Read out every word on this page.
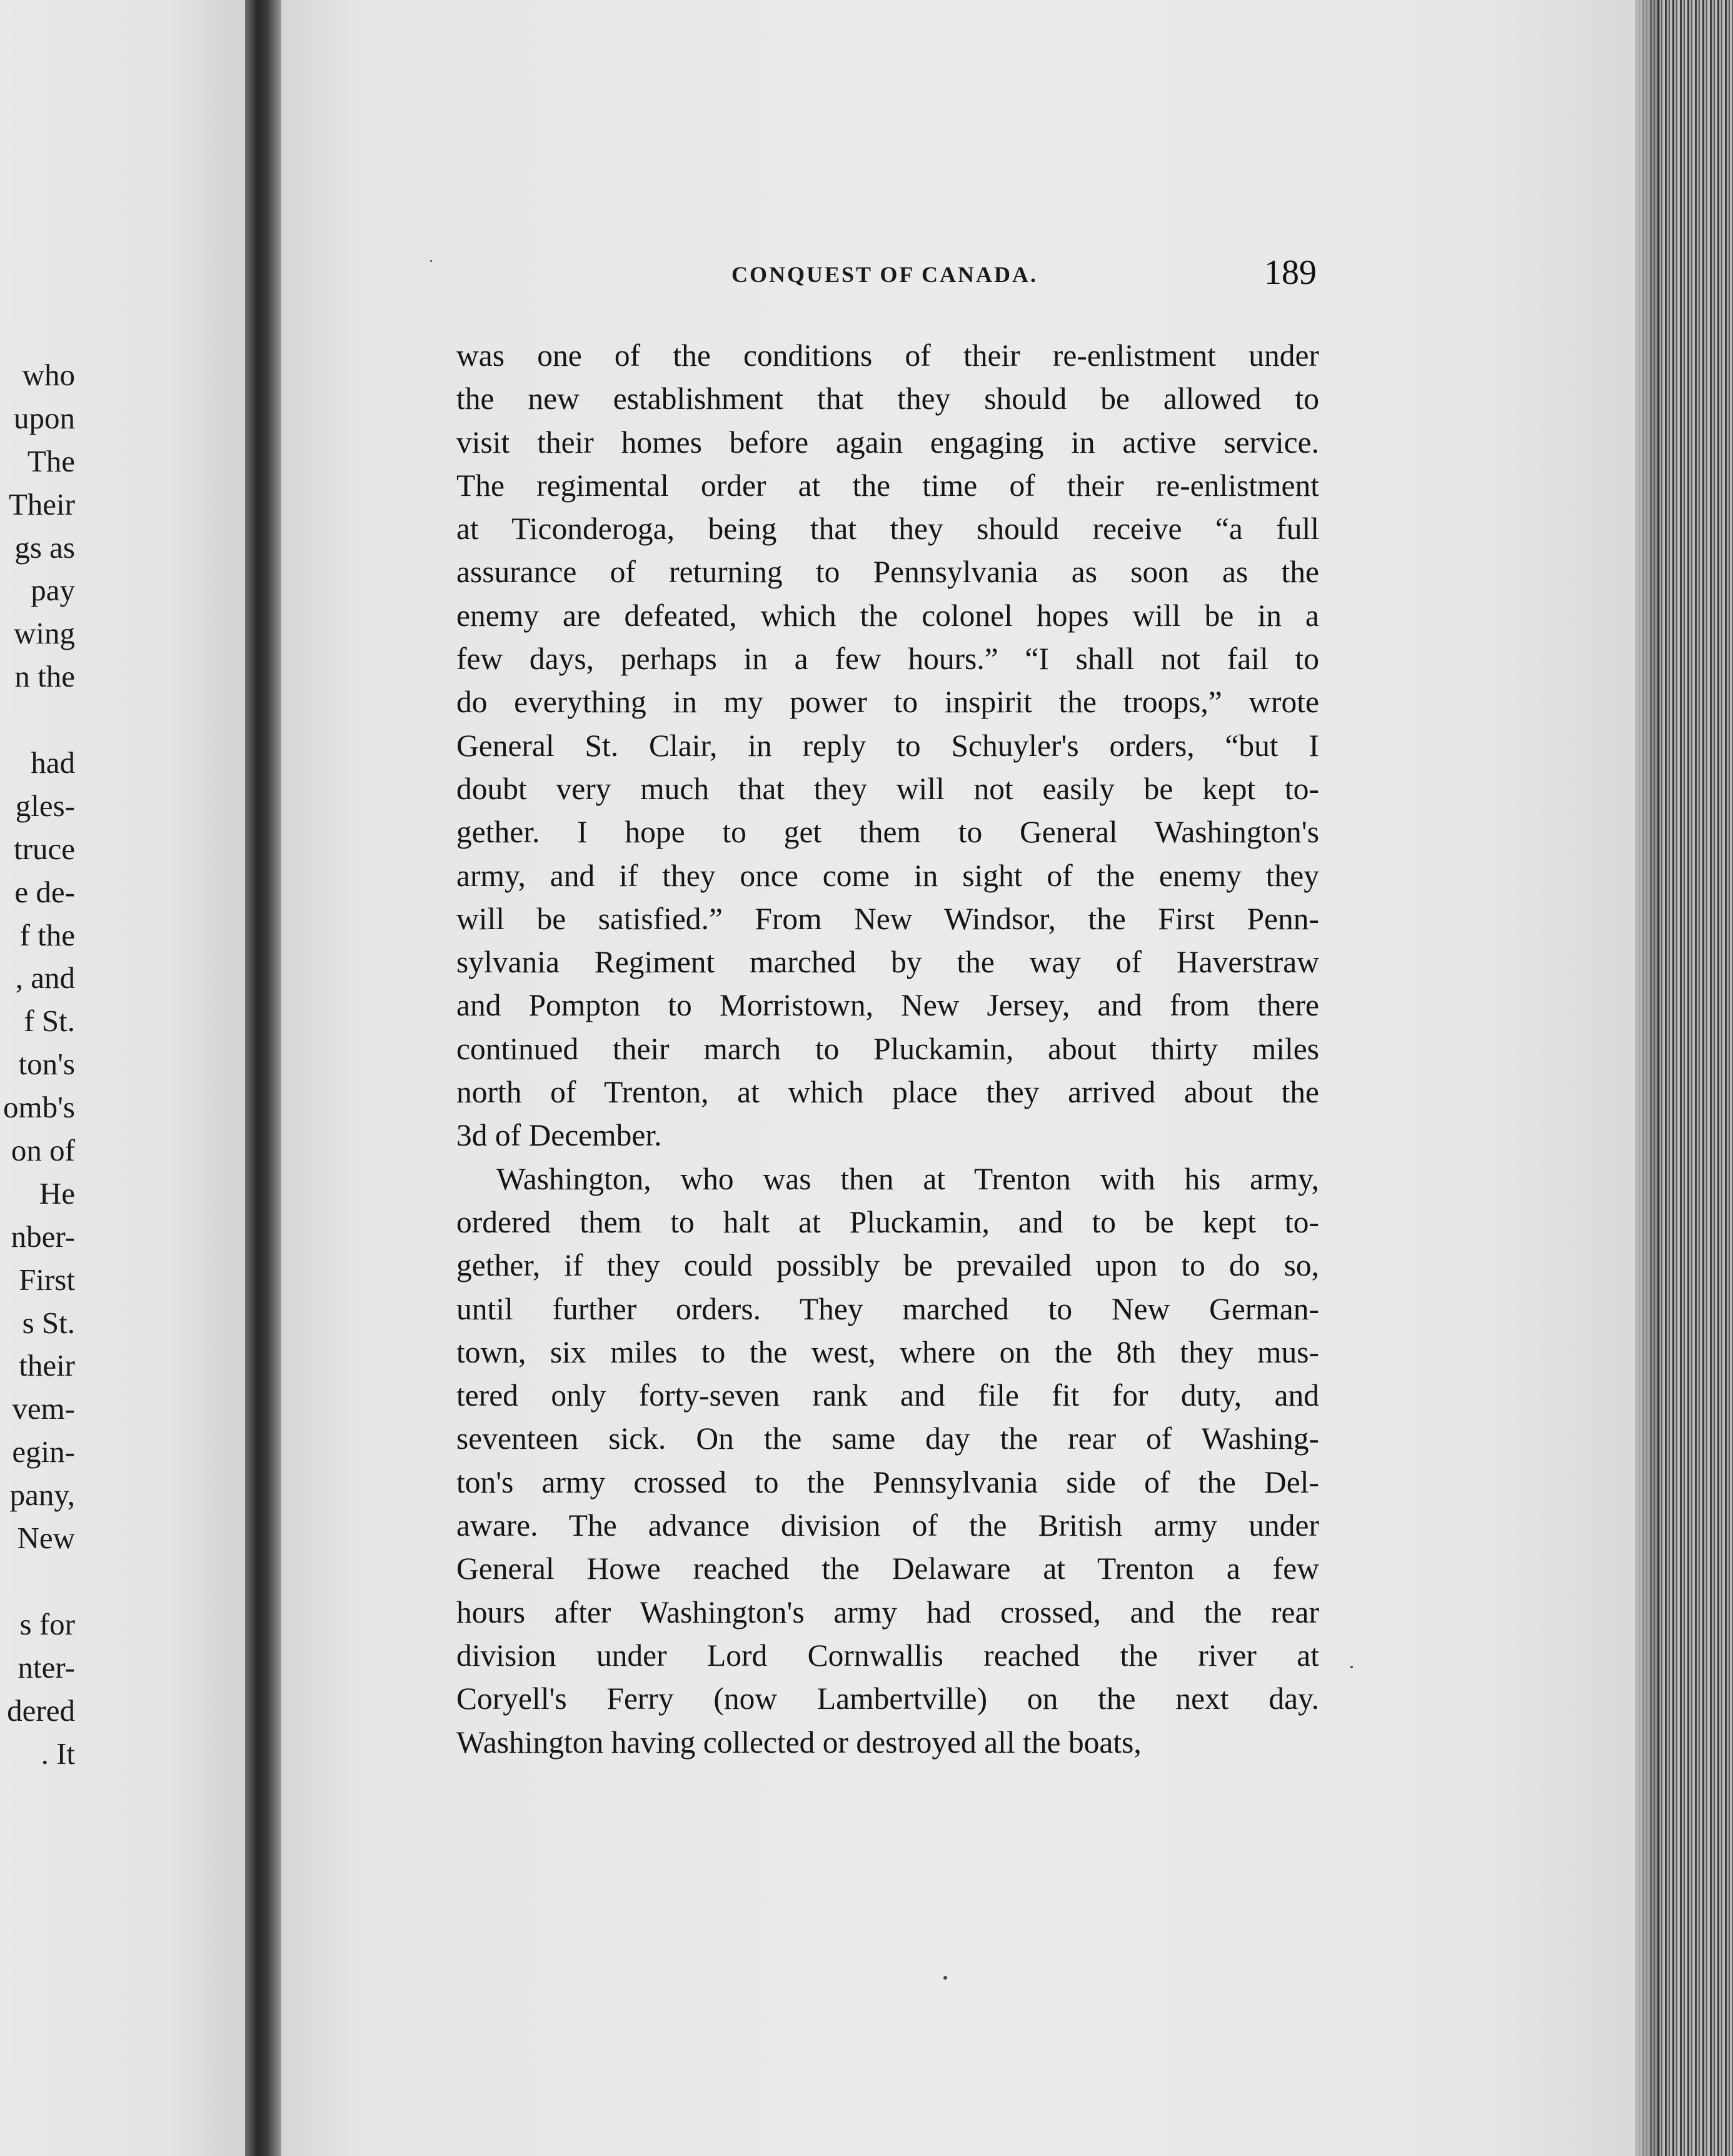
who
upon
The
Their
gs as
pay
wing
n the
had
gles-
truce
e de-
f the
, and
f St.
ton's
omb's
on of
He
nber-
First
s St.
their
vem-
egin-
pany,
New
s for
nter-
dered
. It
CONQUEST OF CANADA.	189
was one of the conditions of their re-enlistment under
the new establishment that they should be allowed to
visit their homes before again engaging in active service.
The regimental order at the time of their re-enlistment
at Ticonderoga, being that they should receive “a full
assurance of returning to Pennsylvania as soon as the
enemy are defeated, which the colonel hopes will be in a
few days, perhaps in a few hours.” “I shall not fail to
do everything in my power to inspirit the troops,” wrote
General St. Clair, in reply to Schuyler's orders, “but I
doubt very much that they will not easily be kept to-
gether. I hope to get them to General Washington's
army, and if they once come in sight of the enemy they
will be satisfied.” From New Windsor, the First Penn-
sylvania Regiment marched by the way of Haverstraw
and Pompton to Morristown, New Jersey, and from there
continued their march to Pluckamin, about thirty miles
north of Trenton, at which place they arrived about the
3d of December.
Washington, who was then at Trenton with his army,
ordered them to halt at Pluckamin, and to be kept to-
gether, if they could possibly be prevailed upon to do so,
until further orders. They marched to New German-
town, six miles to the west, where on the 8th they mus-
tered only forty-seven rank and file fit for duty, and
seventeen sick. On the same day the rear of Washing-
ton's army crossed to the Pennsylvania side of the Del-
aware. The advance division of the British army under
General Howe reached the Delaware at Trenton a few
hours after Washington's army had crossed, and the rear
division under Lord Cornwallis reached the river at
Coryell's Ferry (now Lambertville) on the next day.
Washington having collected or destroyed all the boats,
